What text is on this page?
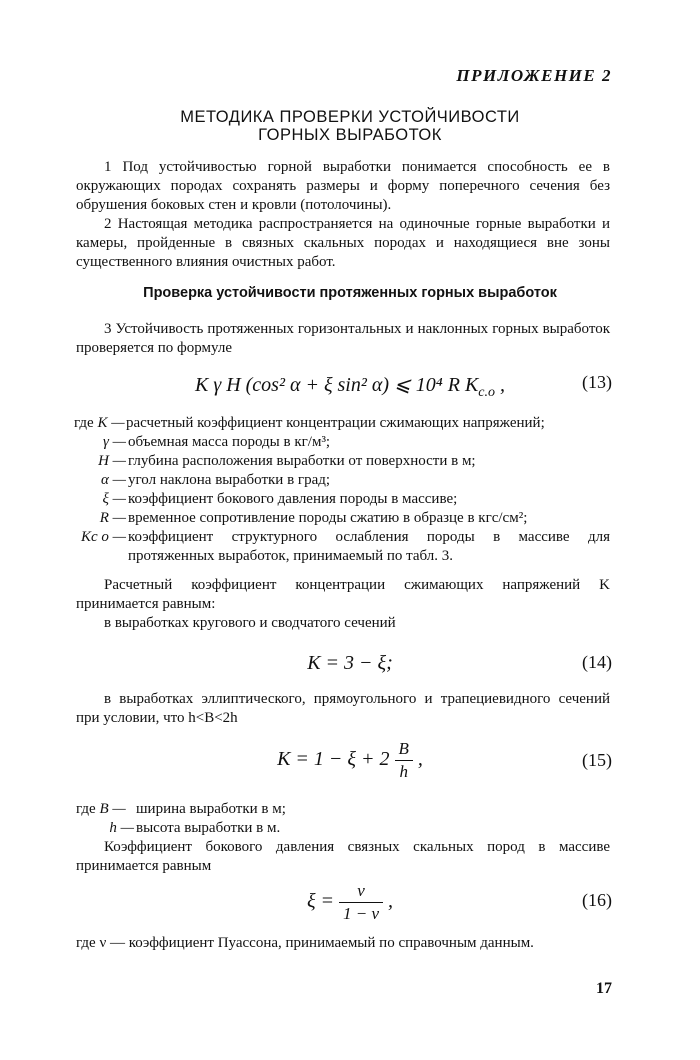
ПРИЛОЖЕНИЕ 2
МЕТОДИКА ПРОВЕРКИ УСТОЙЧИВОСТИ
ГОРНЫХ ВЫРАБОТОК
1 Под устойчивостью горной выработки понимается способность ее в окружающих породах сохранять размеры и форму поперечного сечения без обрушения боковых стен и кровли (потолочины).
2 Настоящая методика распространяется на одиночные горные выработки и камеры, пройденные в связных скальных породах и находящиеся вне зоны существенного влияния очистных работ.
Проверка устойчивости протяженных горных выработок
3 Устойчивость протяженных горизонтальных и наклонных горных выработок проверяется по формуле
K γ H (cos² α + ξ sin² α) ⩽ 10⁴ R $K_{с.о}$ ,	(13)
где K — расчетный коэффициент концентрации сжимающих напряжений;
γ — объемная масса породы в кг/м³;
H — глубина расположения выработки от поверхности в м;
α — угол наклона выработки в град;
ξ — коэффициент бокового давления породы в массиве;
R — временное сопротивление породы сжатию в образце в кгс/см²;
Kс о — коэффициент структурного ослабления породы в массиве для протяженных выработок, принимаемый по табл. 3.
Расчетный коэффициент концентрации сжимающих напряжений K принимается равным:
в выработках кругового и сводчатого сечений
K = 3 − ξ;	(14)
в выработках эллиптического, прямоугольного и трапециевидного сечений при условии, что h<B<2h
$K = 1 - \xi + 2 \frac{B}{h}$ ,	(15)
где B — ширина выработки в м;
h — высота выработки в м.
Коэффициент бокового давления связных скальных пород в массиве принимается равным
$\xi = \frac{\nu}{1 - \nu}$ ,	(16)
где ν — коэффициент Пуассона, принимаемый по справочным данным.
17
